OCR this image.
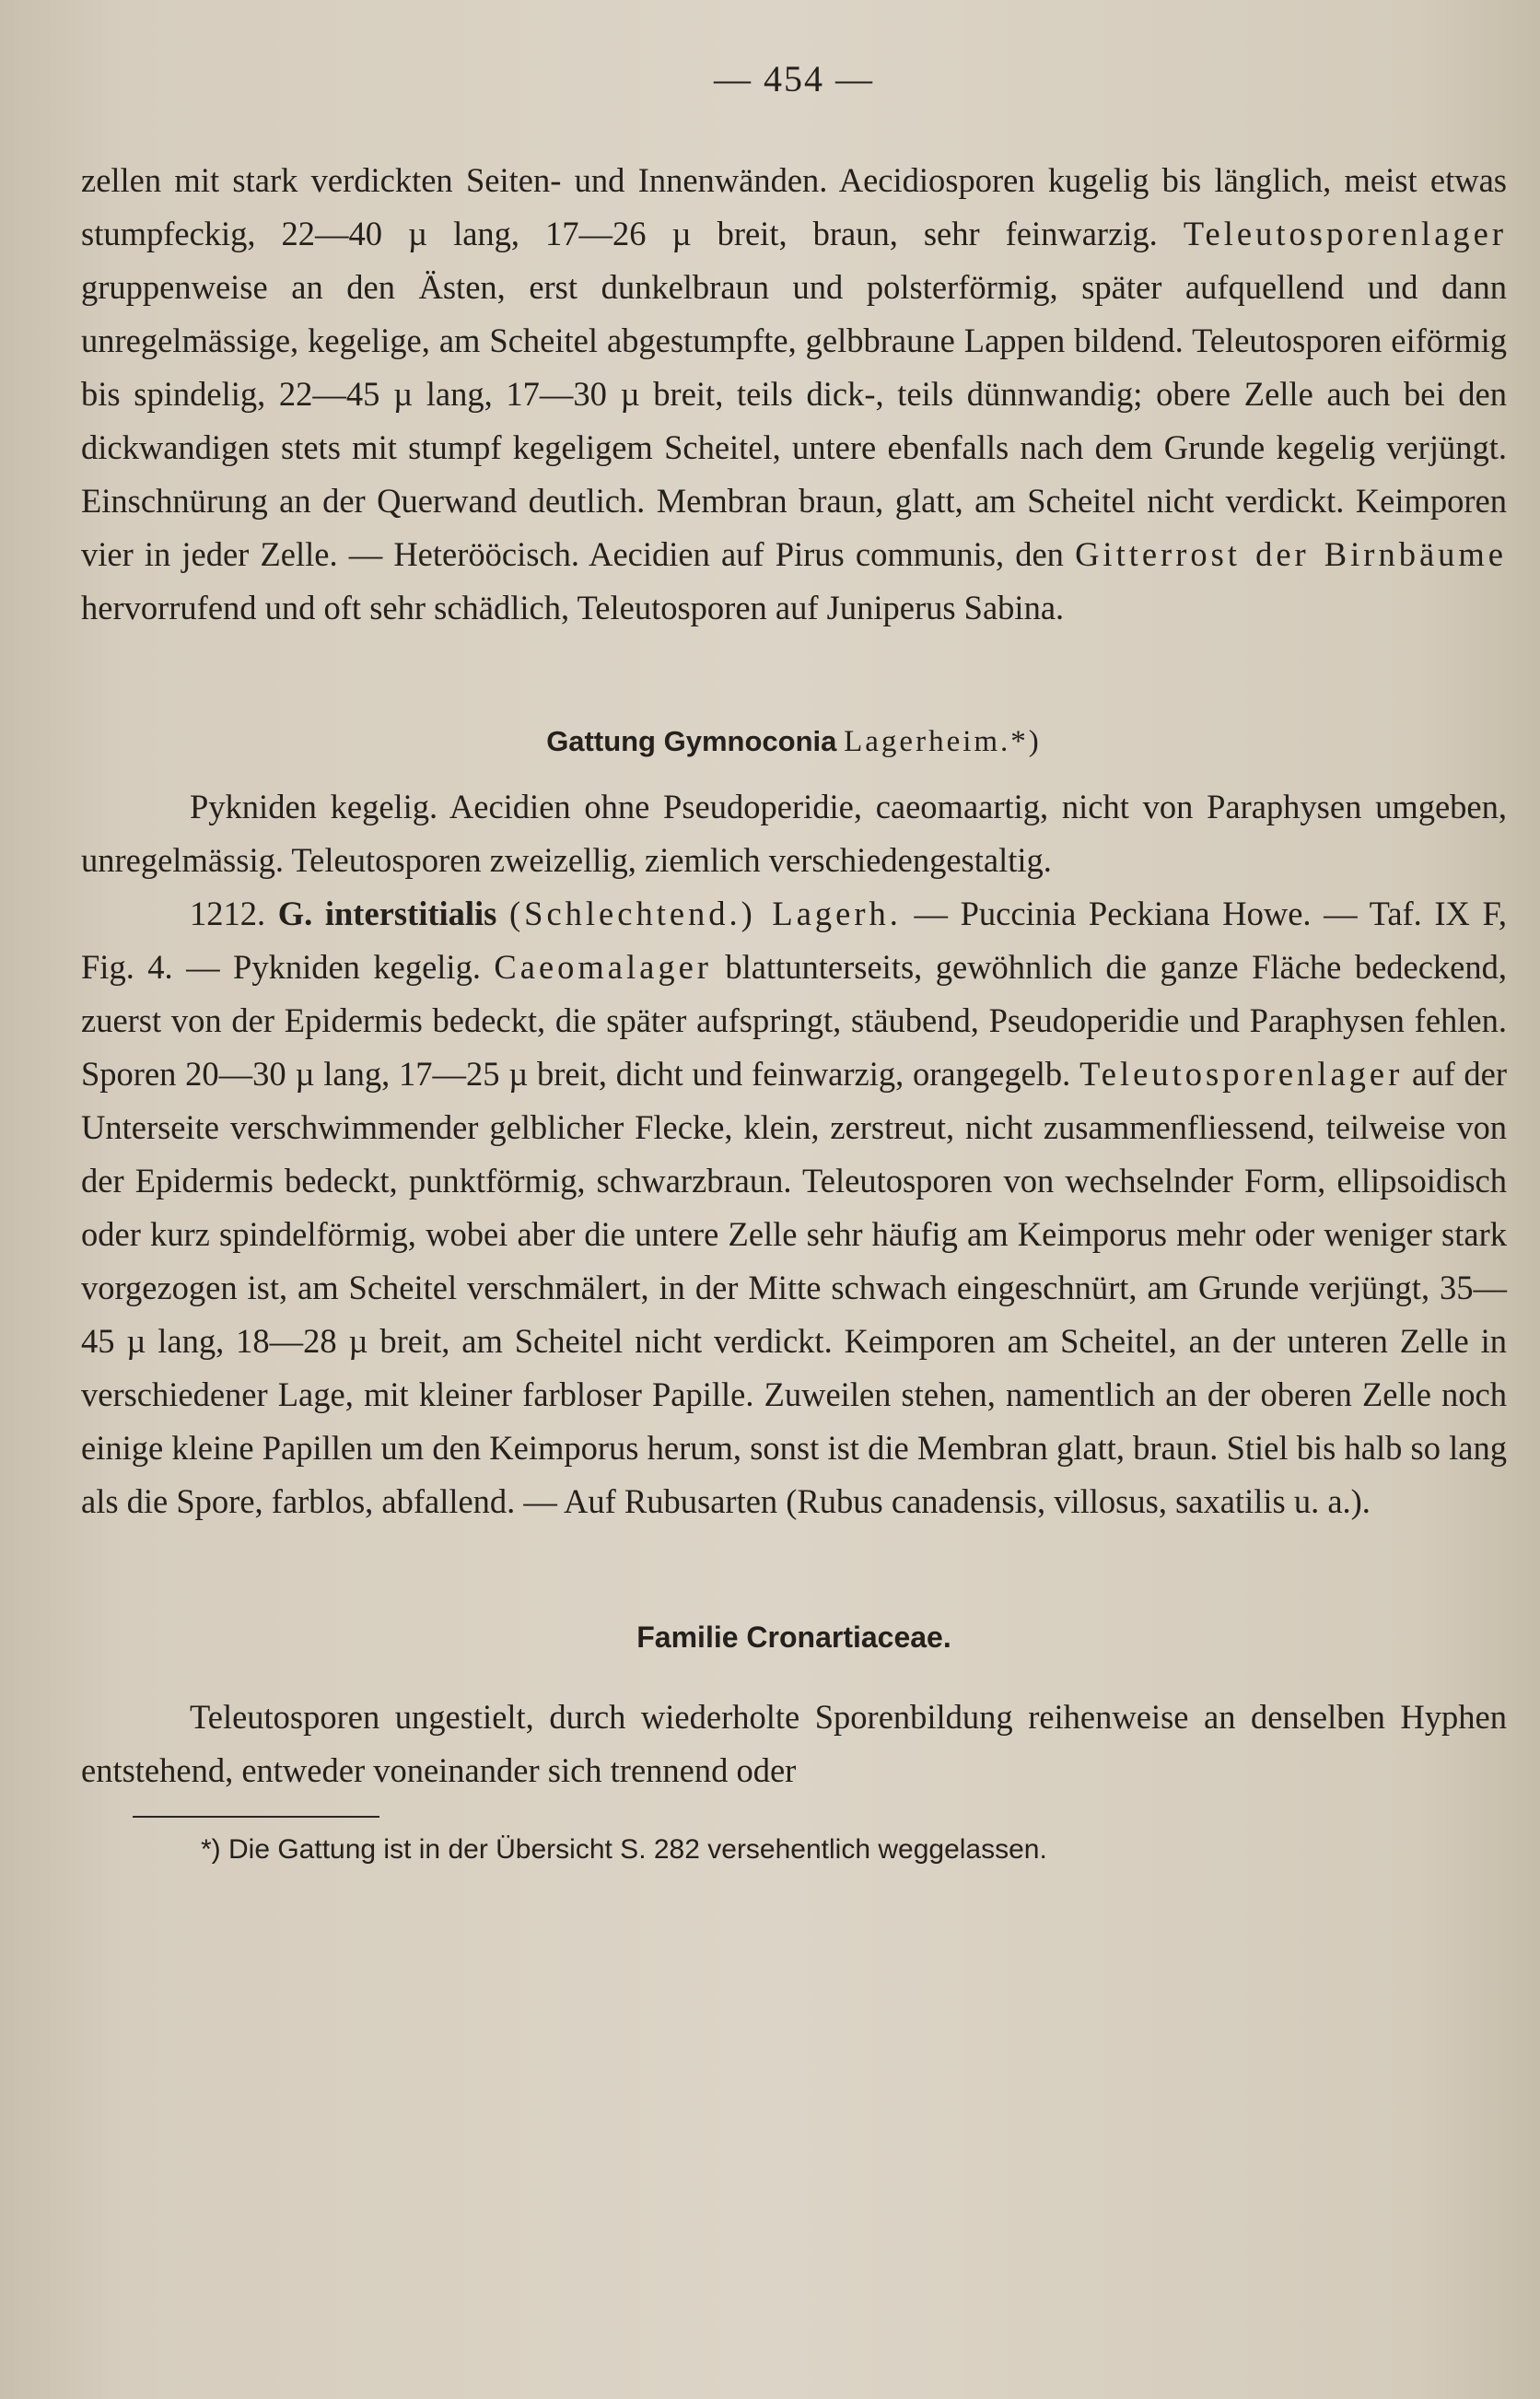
— 454 —

zellen mit stark verdickten Seiten- und Innenwänden. Aecidiosporen kugelig bis länglich, meist etwas stumpfeckig, 22—40 µ lang, 17—26 µ breit, braun, sehr feinwarzig. Teleutosporenlager gruppenweise an den Ästen, erst dunkelbraun und polsterförmig, später aufquellend und dann unregelmässige, kegelige, am Scheitel abgestumpfte, gelbbraune Lappen bildend. Teleutosporen eiförmig bis spindelig, 22—45 µ lang, 17—30 µ breit, teils dick-, teils dünnwandig; obere Zelle auch bei den dickwandigen stets mit stumpf kegeligem Scheitel, untere ebenfalls nach dem Grunde kegelig verjüngt. Einschnürung an der Querwand deutlich. Membran braun, glatt, am Scheitel nicht verdickt. Keimporen vier in jeder Zelle. — Heterööcisch. Aecidien auf Pirus communis, den Gitterrost der Birnbäume hervorrufend und oft sehr schädlich, Teleutosporen auf Juniperus Sabina.

Gattung Gymnoconia Lagerheim.*)

Pykniden kegelig. Aecidien ohne Pseudoperidie, caeomaartig, nicht von Paraphysen umgeben, unregelmässig. Teleutosporen zweizellig, ziemlich verschiedengestaltig.

1212. G. interstitialis (Schlechtend.) Lagerh. — Puccinia Peckiana Howe. — Taf. IX F, Fig. 4. — Pykniden kegelig. Caeomalager blattunterseits, gewöhnlich die ganze Fläche bedeckend, zuerst von der Epidermis bedeckt, die später aufspringt, stäubend, Pseudoperidie und Paraphysen fehlen. Sporen 20—30 µ lang, 17—25 µ breit, dicht und feinwarzig, orangegelb. Teleutosporenlager auf der Unterseite verschwimmender gelblicher Flecke, klein, zerstreut, nicht zusammenfliessend, teilweise von der Epidermis bedeckt, punktförmig, schwarzbraun. Teleutosporen von wechselnder Form, ellipsoidisch oder kurz spindelförmig, wobei aber die untere Zelle sehr häufig am Keimporus mehr oder weniger stark vorgezogen ist, am Scheitel verschmälert, in der Mitte schwach eingeschnürt, am Grunde verjüngt, 35—45 µ lang, 18—28 µ breit, am Scheitel nicht verdickt. Keimporen am Scheitel, an der unteren Zelle in verschiedener Lage, mit kleiner farbloser Papille. Zuweilen stehen, namentlich an der oberen Zelle noch einige kleine Papillen um den Keimporus herum, sonst ist die Membran glatt, braun. Stiel bis halb so lang als die Spore, farblos, abfallend. — Auf Rubusarten (Rubus canadensis, villosus, saxatilis u. a.).

Familie Cronartiaceae.

Teleutosporen ungestielt, durch wiederholte Sporenbildung reihenweise an denselben Hyphen entstehend, entweder voneinander sich trennend oder

*) Die Gattung ist in der Übersicht S. 282 versehentlich weggelassen.
